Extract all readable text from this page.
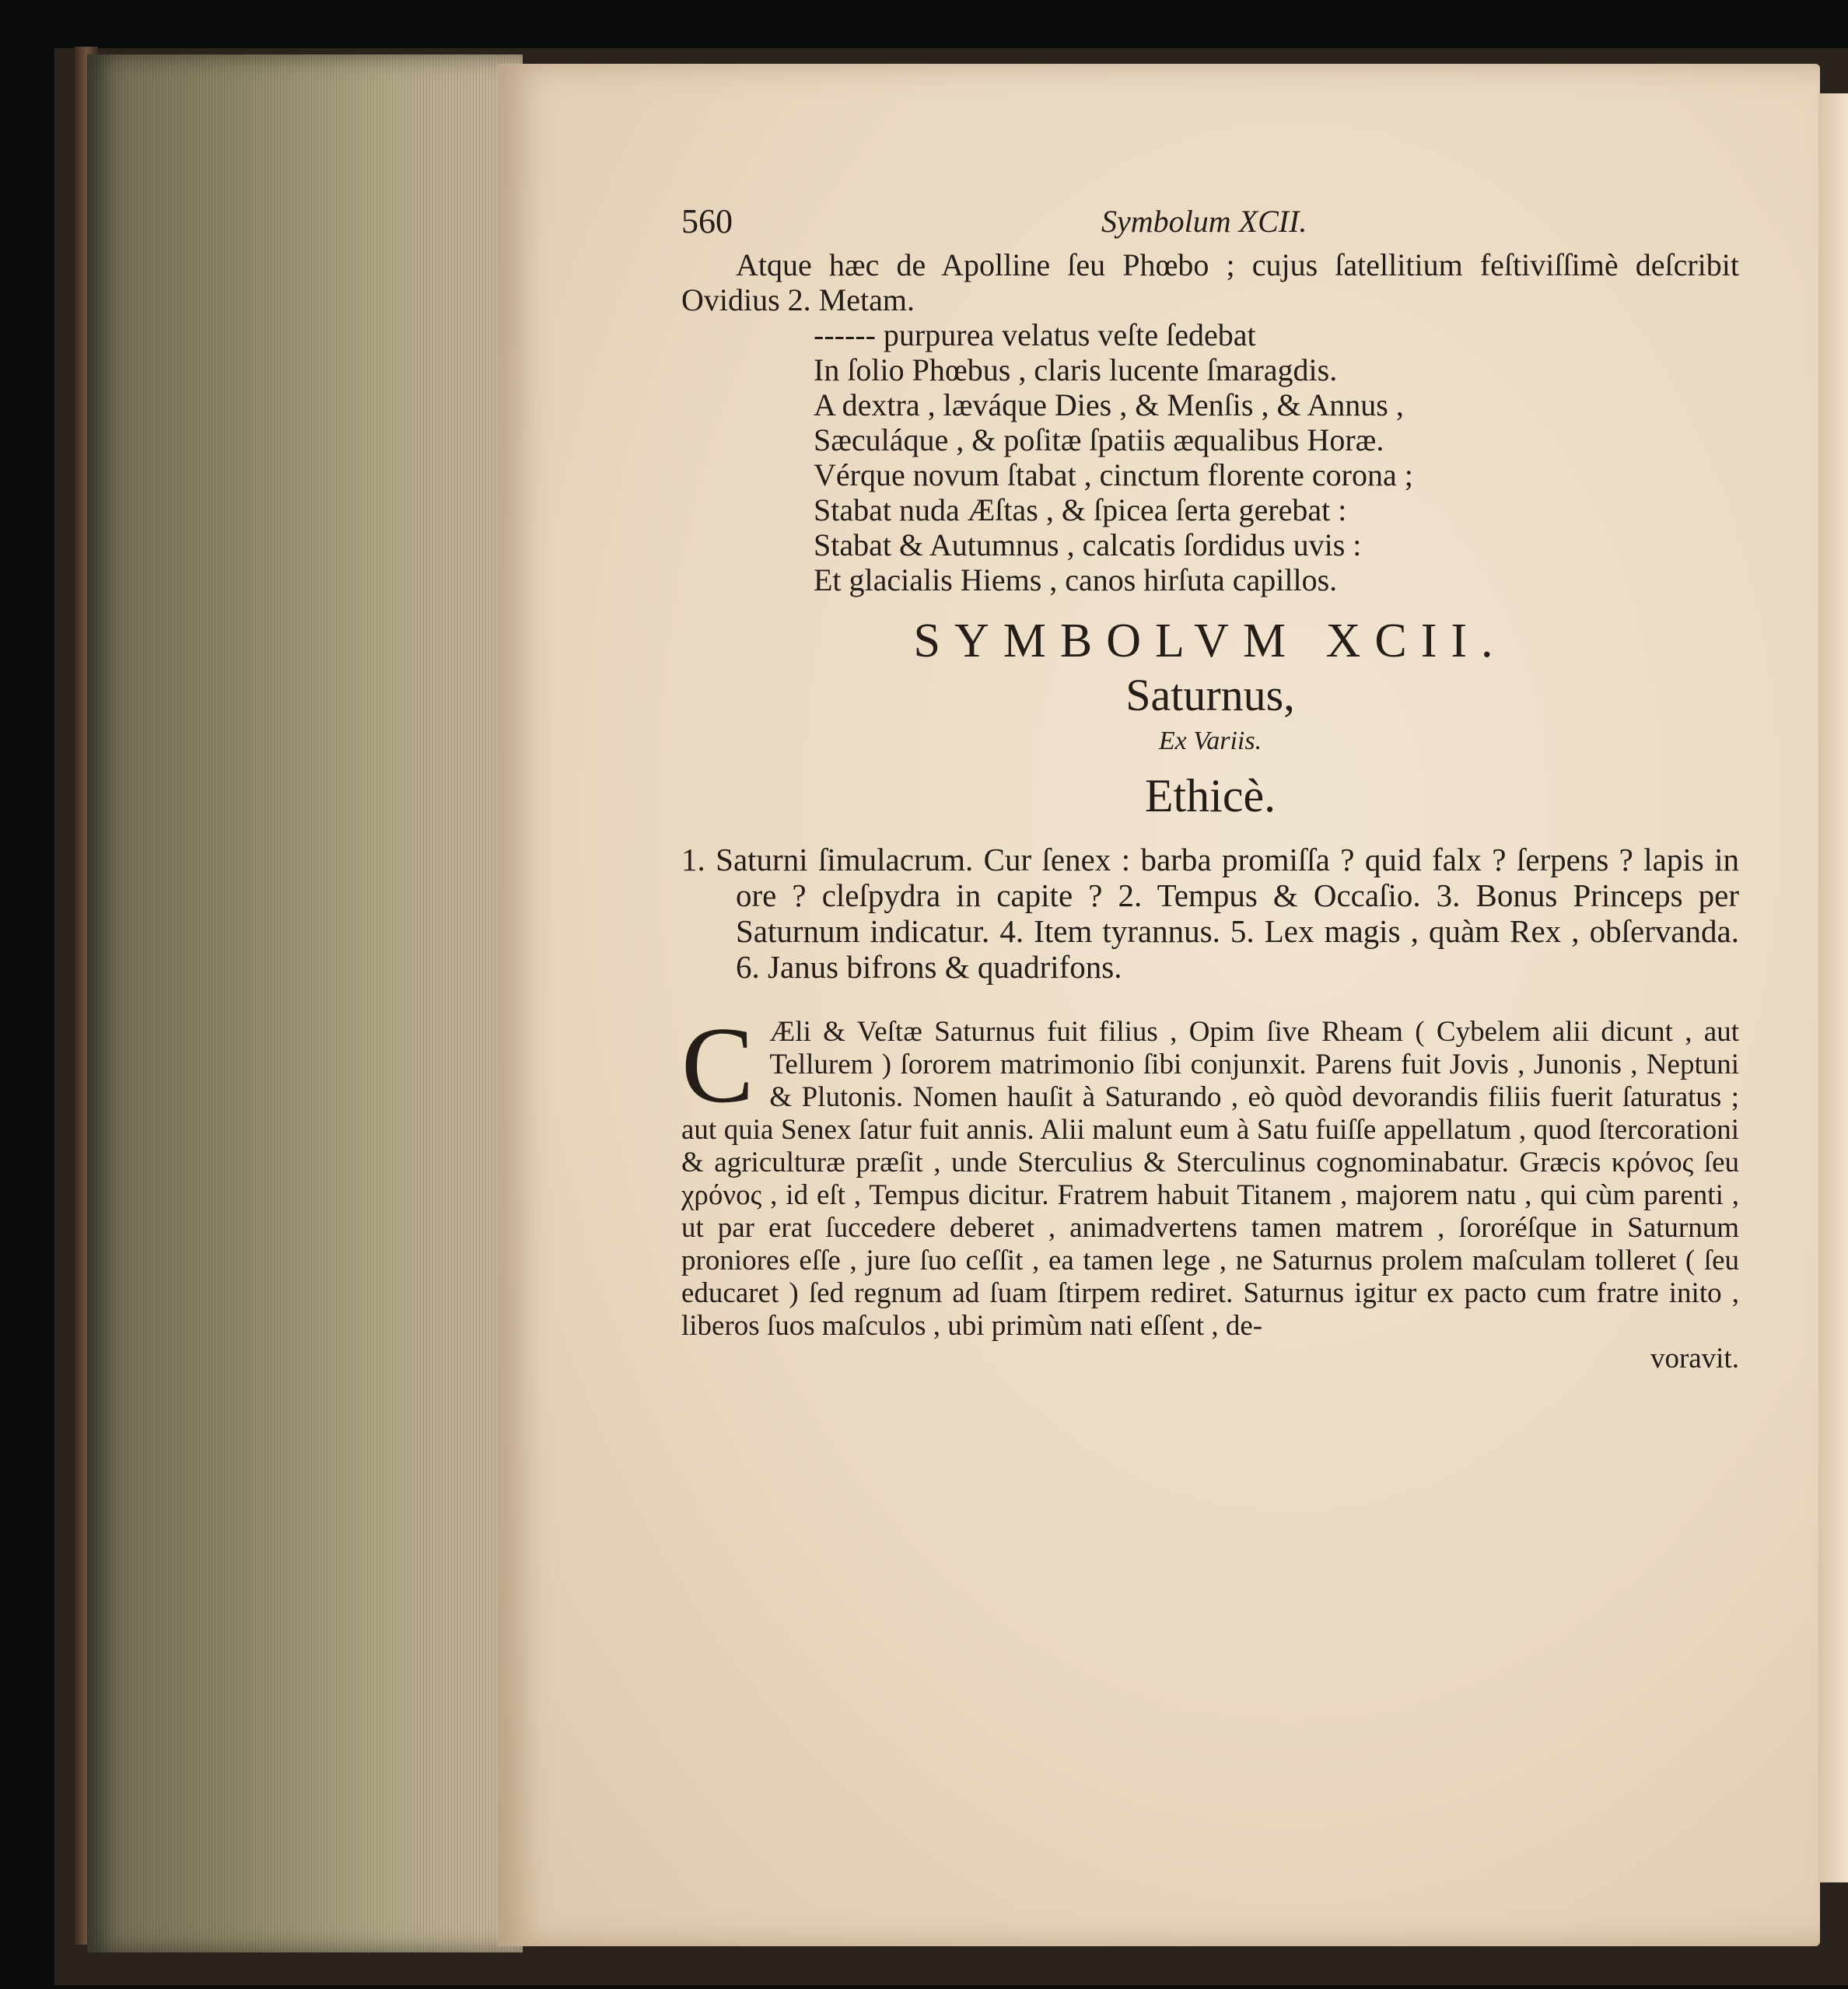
560	Symbolum XCII.

Atque hæc de Apolline ſeu Phœbo ; cujus ſatellitium feſtiviſſimè deſcribit Ovidius 2. Metam.

------ purpurea velatus veſte ſedebat
In ſolio Phœbus , claris lucente ſmaragdis.
A dextra , læváque Dies , & Menſis , & Annus ,
Sæculáque , & poſitæ ſpatiis æqualibus Horæ.
Vérque novum ſtabat , cinctum florente corona ;
Stabat nuda Æſtas , & ſpicea ſerta gerebat :
Stabat & Autumnus , calcatis ſordidus uvis :
Et glacialis Hiems , canos hirſuta capillos.
SYMBOLVM XCII.
Saturnus,
Ex Variis.
Ethicè.

1. Saturni ſimulacrum. Cur ſenex : barba promiſſa ? quid falx ? ſerpens ? lapis in ore ? cleſpydra in capite ? 2. Tempus & Occaſio. 3. Bonus Princeps per Saturnum indicatur. 4. Item tyrannus. 5. Lex magis , quàm Rex , obſervanda. 6. Janus bifrons & quadrifons.

C Æli & Veſtæ Saturnus fuit filius , Opim ſive Rheam ( Cybelem alii dicunt , aut Tellurem ) ſororem matrimonio ſibi conjunxit. Parens fuit Jovis , Junonis , Neptuni & Plutonis. Nomen hauſit à Saturando , eò quòd devorandis filiis fuerit ſaturatus ; aut quia Senex ſatur fuit annis. Alii malunt eum à Satu fuiſſe appellatum , quod ſtercorationi & agriculturæ præſit , unde Sterculius & Sterculinus cognominabatur. Græcis κρόνος ſeu χρόνος , id eſt , Tempus dicitur. Fratrem habuit Titanem , majorem natu , qui cùm parenti , ut par erat ſuccedere deberet , animadvertens tamen matrem , ſororéſque in Saturnum proniores eſſe , jure ſuo ceſſit , ea tamen lege , ne Saturnus prolem maſculam tolleret ( ſeu educaret ) ſed regnum ad ſuam ſtirpem rediret. Saturnus igitur ex pacto cum fratre inito , liberos ſuos maſculos , ubi primùm nati eſſent , de-
voravit.
